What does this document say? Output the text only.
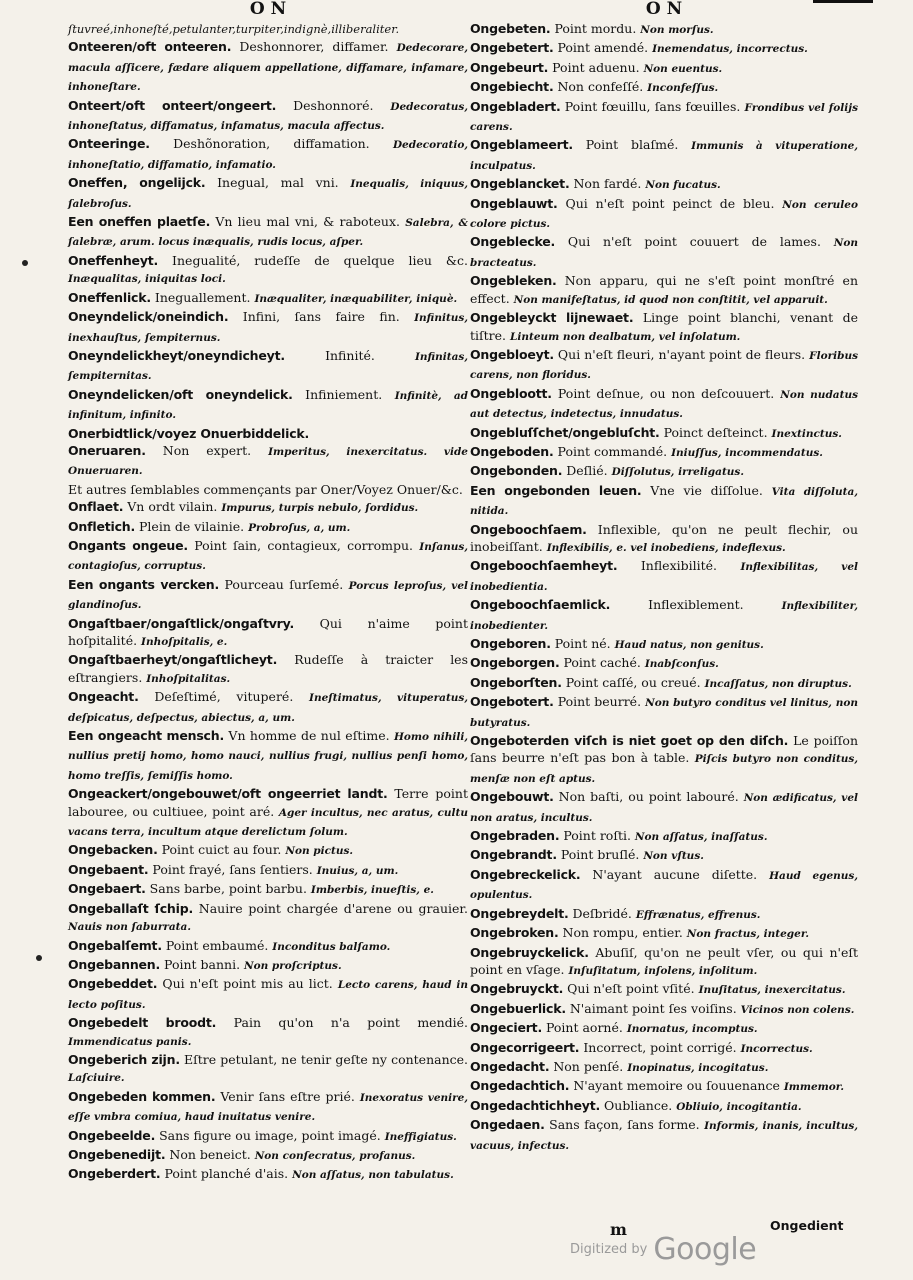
O N

ſtuvreé,inhoneſté,petulanter,turpiter,indignè,illiberaliter.

Onteeren/oft onteeren. Deshonnorer, diffamer. Dedecorare, macula aſſicere, fædare aliquem appellatione, diffamare, infamare, inhoneſtare.

Onteert/oft onteert/ongeert. Deshonnoré. Dedecoratus, inhoneſtatus, diffamatus, infamatus, macula affectus.

Onteeringe. Deshõnoration, diffamation. Dedecoratio, inhoneſtatio, diffamatio, infamatio.

Oneffen, ongelijck. Inegual, mal vni. Inequalis, iniquus, ſalebroſus.

Een oneffen plaetſe. Vn lieu mal vni, & raboteux. Salebra, & ſalebræ, arum. locus inæqualis, rudis locus, aſper.

Oneffenheyt. Inegualité, rudeſſe de quelque lieu &c. Inæqualitas, iniquitas loci.

Oneffenlick. Ineguallement. Inæqualiter, inæquabiliter, iniquè.

Oneyndelick/oneindich. Infini, ſans faire fin. Infinitus, inexhauſtus, ſempiternus.

Oneyndelickheyt/oneyndicheyt. Infinité. Infinitas, ſempiternitas.

Oneyndelicken/oft oneyndelick. Infiniement. Infinitè, ad infinitum, infinito.

Onerbidtlick/voyez Onuerbiddelick.

Oneruaren. Non expert. Imperitus, inexercitatus. vide Onueruaren.

Et autres ſemblables commençants par Oner/Voyez Onuer/&c.

Onflaet. Vn ordt vilain. Impurus, turpis nebulo, ſordidus.

Onfletich. Plein de vilainie. Probroſus, a, um.

Ongants ongeue. Point ſain, contagieux, corrompu. Inſanus, contagioſus, corruptus.

Een ongants vercken. Pourceau ſurſemé. Porcus leproſus, vel glandinoſus.

Ongaſtbaer/ongaſtlick/ongaſtvry. Qui n'aime point hoſpitalité. Inhoſpitalis, e.

Ongaſtbaerheyt/ongaſtlicheyt. Rudeſſe à traicter les eſtrangiers. Inhoſpitalitas.

Ongeacht. Deſeſtimé, vituperé. Ineſtimatus, vituperatus, deſpicatus, deſpectus, abiectus, a, um.

Een ongeacht mensch. Vn homme de nul eſtime. Homo nihili, nullius pretij homo, homo nauci, nullius frugi, nullius penſi homo, homo treſſis, ſemiſſis homo.

Ongeackert/ongebouwet/oft ongeerriet landt. Terre point labouree, ou cultiuee, point aré. Ager incultus, nec aratus, cultu vacans terra, incultum atque derelictum ſolum.

Ongebacken. Point cuict au four. Non pictus.

Ongebaent. Point frayé, ſans ſentiers. Inuius, a, um.

Ongebaert. Sans barbe, point barbu. Imberbis, inueſtis, e.

Ongeballaſt ſchip. Nauire point chargée d'arene ou grauier. Nauis non ſaburrata.

Ongebalſemt. Point embaumé. Inconditus balſamo.

Ongebannen. Point banni. Non proſcriptus.

Ongebeddet. Qui n'eſt point mis au lict. Lecto carens, haud in lecto poſitus.

Ongebedelt broodt. Pain qu'on n'a point mendié. Immendicatus panis.

Ongeberich zijn. Eſtre petulant, ne tenir geſte ny contenance. Laſciuire.

Ongebeden kommen. Venir ſans eſtre prié. Inexoratus venire, eſſe vmbra comiua, haud inuitatus venire.

Ongebeelde. Sans figure ou image, point imagé. Ineffigiatus.

Ongebenedijt. Non beneict. Non conſecratus, profanus.

Ongeberdert. Point planché d'ais. Non aſſatus, non tabulatus.

O N

Ongebeten. Point mordu. Non morſus.

Ongebetert. Point amendé. Inemendatus, incorrectus.

Ongebeurt. Point aduenu. Non euentus.

Ongebiecht. Non confeſſé. Inconfeſſus.

Ongebladert. Point fœuillu, ſans fœuilles. Frondibus vel folijs carens.

Ongeblameert. Point blaſmé. Immunis à vituperatione, inculpatus.

Ongeblancket. Non fardé. Non fucatus.

Ongeblauwt. Qui n'eſt point peinct de bleu. Non ceruleo colore pictus.

Ongeblecke. Qui n'eſt point couuert de lames. Non bracteatus.

Ongebleken. Non apparu, qui ne s'eſt point monſtré en effect. Non manifeſtatus, id quod non conſtitit, vel apparuit.

Ongebleyckt lijnewaet. Linge point blanchi, venant de tiſtre. Linteum non dealbatum, vel inſolatum.

Ongebloeyt. Qui n'eſt fleuri, n'ayant point de fleurs. Floribus carens, non floridus.

Ongebloott. Point deſnue, ou non deſcouuert. Non nudatus aut detectus, indetectus, innudatus.

Ongebluſſchet/ongebluſcht. Poinct deſteinct. Inextinctus.

Ongeboden. Point commandé. Iniuſſus, incommendatus.

Ongebonden. Deſlié. Diſſolutus, irreligatus.

Een ongebonden leuen. Vne vie diſſolue. Vita diſſoluta, nitida.

Ongeboochſaem. Inflexible, qu'on ne peult flechir, ou inobeiſſant. Inflexibilis, e. vel inobediens, indeflexus.

Ongeboochſaemheyt. Inflexibilité. Inflexibilitas, vel inobedientia.

Ongeboochſaemlick. Inflexiblement. Inflexibiliter, inobedienter.

Ongeboren. Point né. Haud natus, non genitus.

Ongeborgen. Point caché. Inabſconſus.

Ongeborſten. Point caſſé, ou creué. Incaſſatus, non diruptus.

Ongebotert. Point beurré. Non butyro conditus vel linitus, non butyratus.

Ongeboterden viſch is niet goet op den diſch. Le poiſſon ſans beurre n'eſt pas bon à table. Piſcis butyro non conditus, menſæ non eſt aptus.

Ongebouwt. Non baſti, ou point labouré. Non ædificatus, vel non aratus, incultus.

Ongebraden. Point roſti. Non aſſatus, inaſſatus.

Ongebrandt. Point bruſlé. Non vſtus.

Ongebreckelick. N'ayant aucune diſette. Haud egenus, opulentus.

Ongebreydelt. Deſbridé. Effrænatus, effrenus.

Ongebroken. Non rompu, entier. Non fractus, integer.

Ongebruyckelick. Abuſiſ, qu'on ne peult vſer, ou qui n'eſt point en vſage. Inſuſitatum, inſolens, inſolitum.

Ongebruyckt. Qui n'eſt point vſité. Inuſitatus, inexercitatus.

Ongebuerlick. N'aimant point ſes voiſins. Vicinos non colens.

Ongeciert. Point aorné. Inornatus, incomptus.

Ongecorrigeert. Incorrect, point corrigé. Incorrectus.

Ongedacht. Non penſé. Inopinatus, incogitatus.

Ongedachtich. N'ayant memoire ou ſouuenance Immemor.

Ongedachtichheyt. Oubliance. Obliuio, incogitantia.

Ongedaen. Sans façon, ſans forme. Informis, inanis, incultus, vacuus, infectus.

m	Ongedient
Digitized by Google
